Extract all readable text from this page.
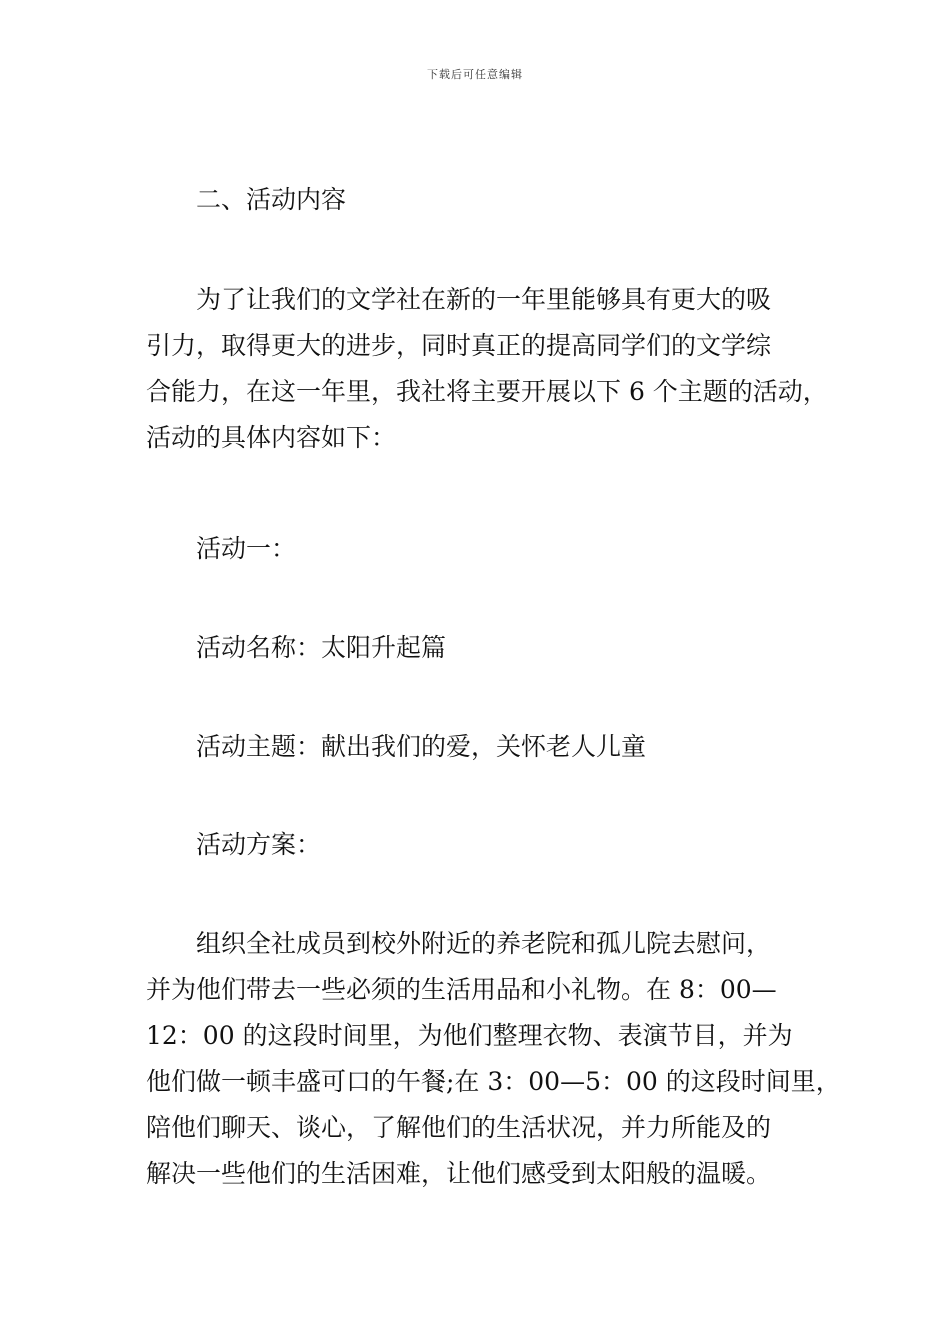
下载后可任意编辑
二、活动内容
为了让我们的文学社在新的一年里能够具有更大的吸
引力，取得更大的进步，同时真正的提高同学们的文学综
合能力，在这一年里，我社将主要开展以下 6 个主题的活动，
活动的具体内容如下：
活动一：
活动名称：太阳升起篇
活动主题：献出我们的爱，关怀老人儿童
活动方案：
组织全社成员到校外附近的养老院和孤儿院去慰问，
并为他们带去一些必须的生活用品和小礼物。在 8：00—
12：00 的这段时间里，为他们整理衣物、表演节目，并为
他们做一顿丰盛可口的午餐;在 3：00—5：00 的这段时间里，
陪他们聊天、谈心，了解他们的生活状况，并力所能及的
解决一些他们的生活困难，让他们感受到太阳般的温暖。
